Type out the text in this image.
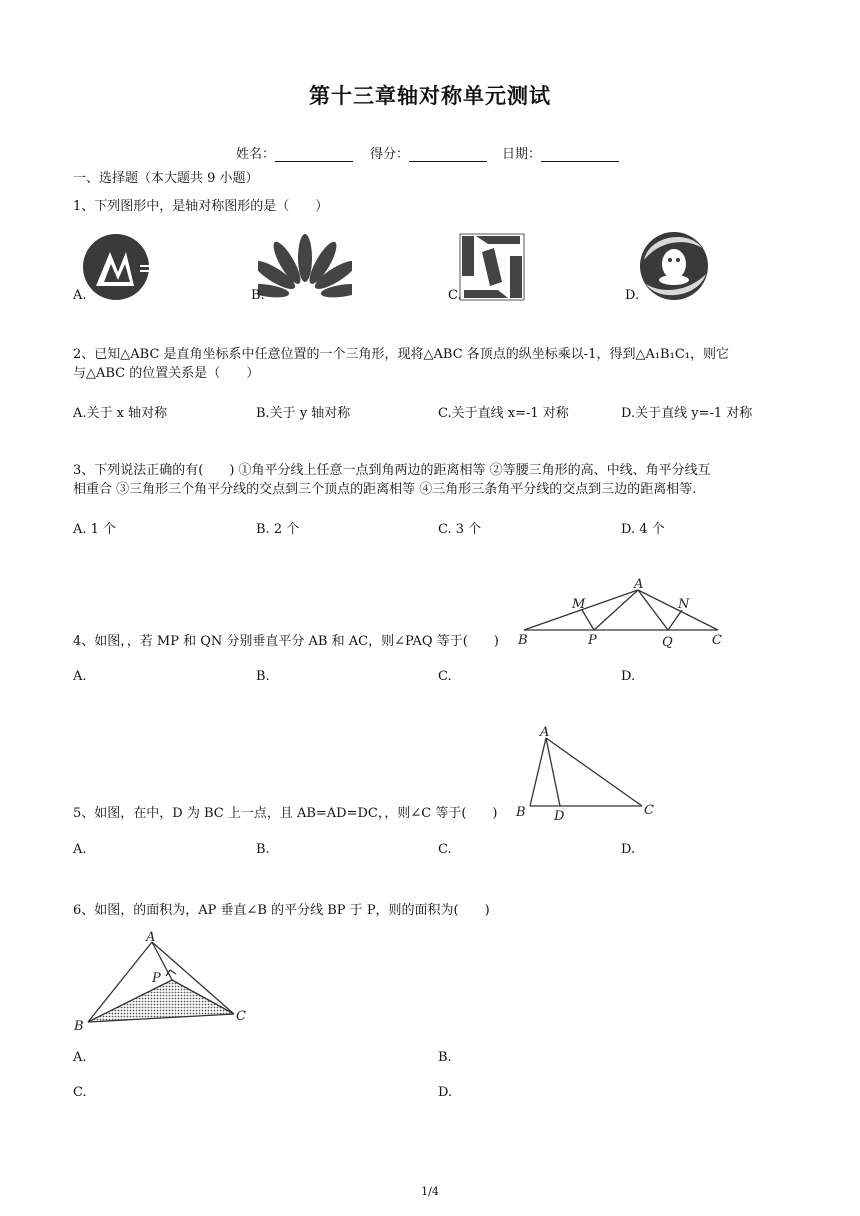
第十三章轴对称单元测试
姓名：	得分：	日期：
一、选择题（本大题共 9 小题）
1、下列图形中，是轴对称图形的是（　　）
A.	B.	C.	D.
2、已知△ABC 是直角坐标系中任意位置的一个三角形，现将△ABC 各顶点的纵坐标乘以-1，得到△A₁B₁C₁，则它
与△ABC 的位置关系是（　　）
A.关于 x 轴对称	B.关于 y 轴对称	C.关于直线 x=-1 对称	D.关于直线 y=-1 对称
3、下列说法正确的有(　　) ①角平分线上任意一点到角两边的距离相等 ②等腰三角形的高、中线、角平分线互
相重合 ③三角形三个角平分线的交点到三个顶点的距离相等 ④三角形三条角平分线的交点到三边的距离相等.
A. 1 个	B. 2 个	C. 3 个	D. 4 个
A
M	N
B	P	Q	C
4、如图，，若 MP 和 QN 分别垂直平分 AB 和 AC，则∠PAQ 等于(　　)
A.	B.	C.	D.
A
B D	C
5、如图，在中，D 为 BC 上一点，且 AB=AD=DC，，则∠C 等于(　　)
A.	B.	C.	D.
6、如图，的面积为，AP 垂直∠B 的平分线 BP 于 P，则的面积为(　　)
A
P
B
C
A.	B.
C.	D.
1/4
